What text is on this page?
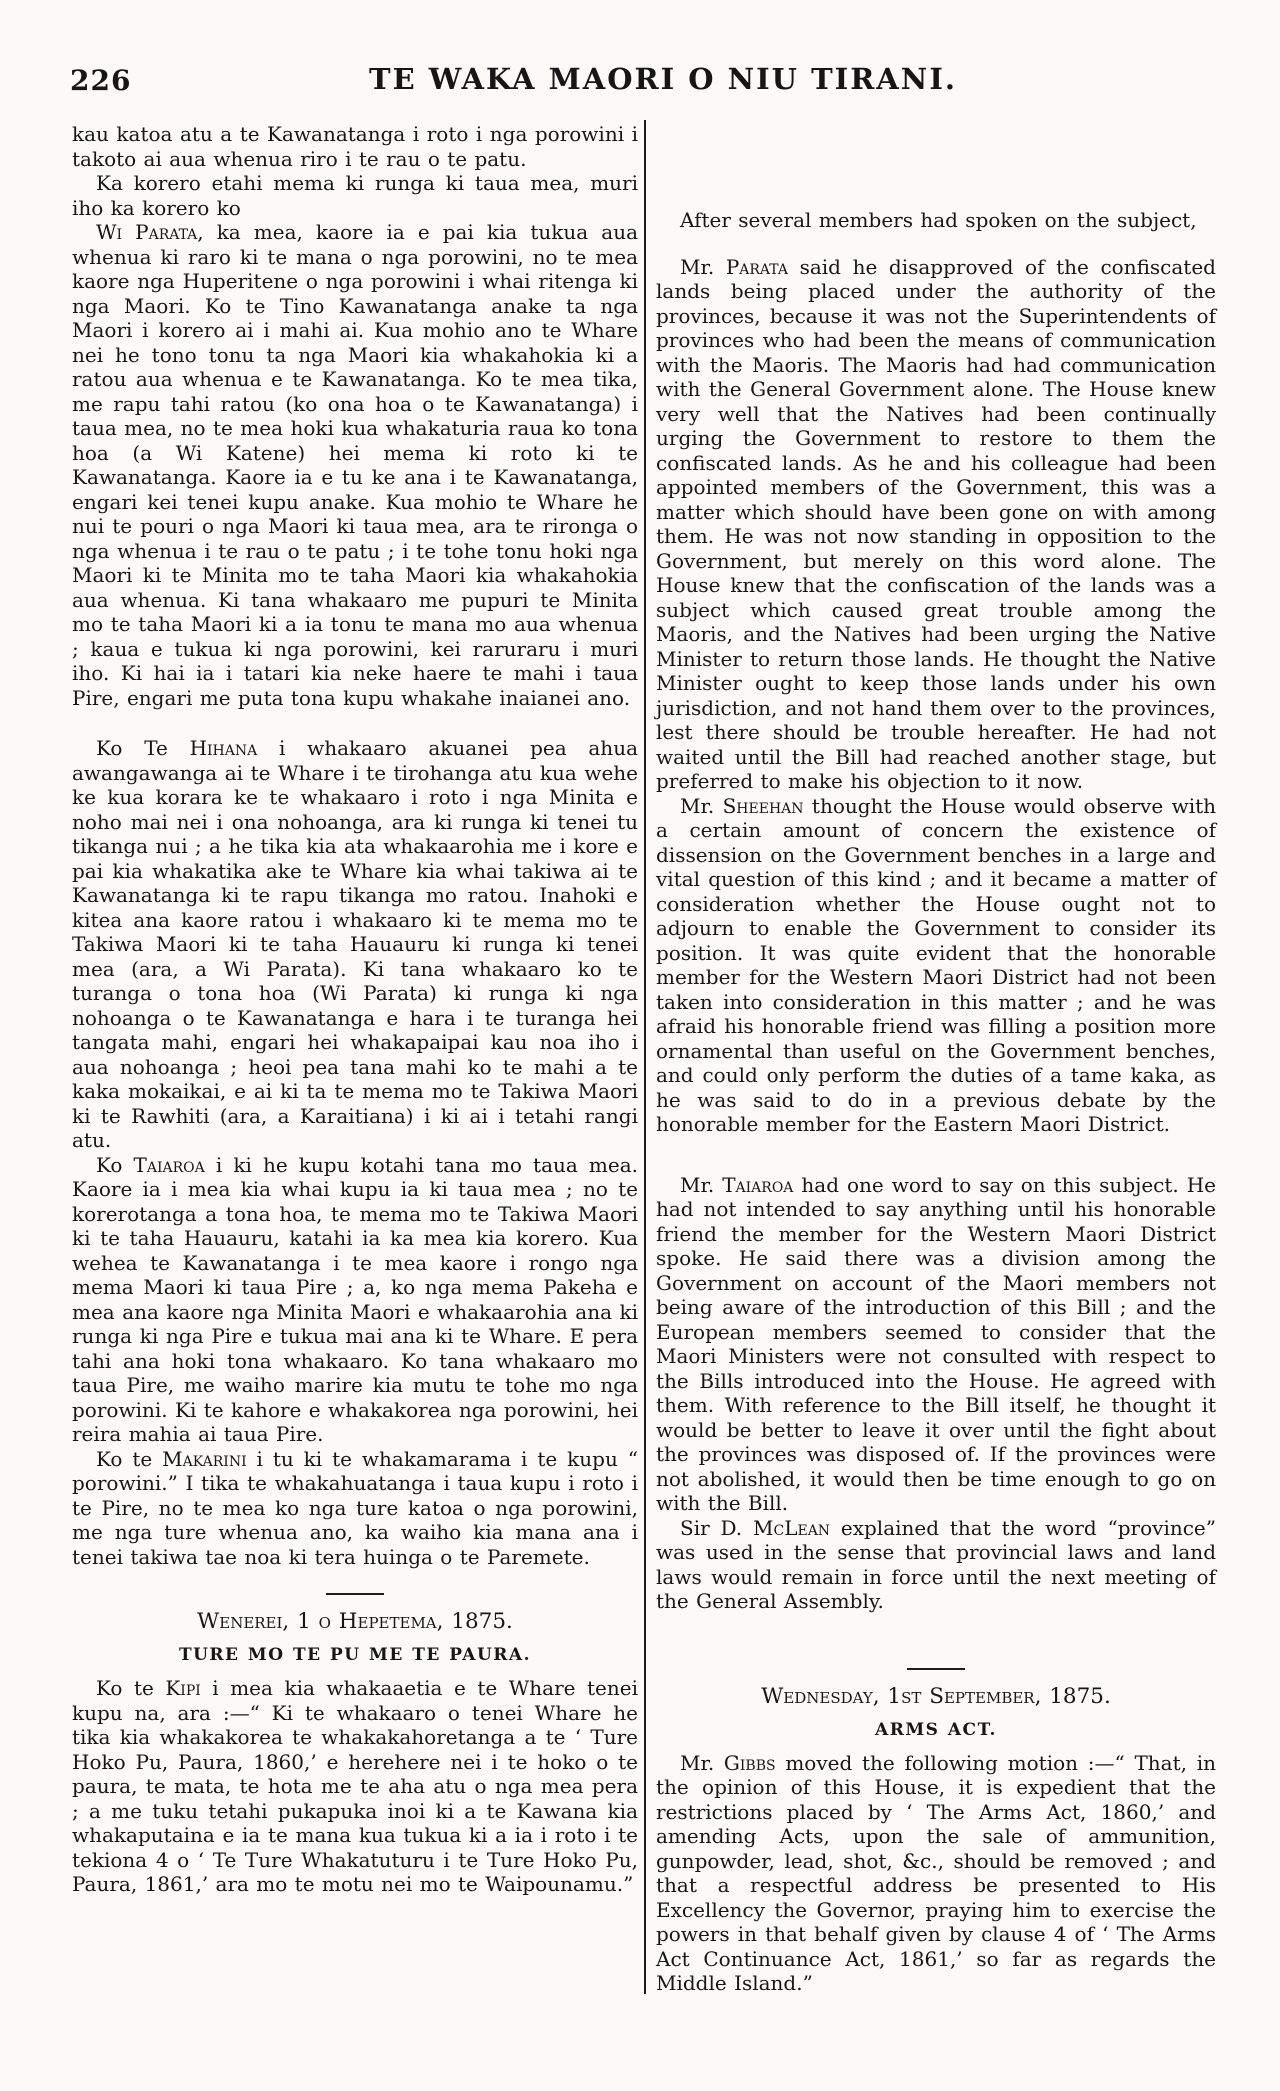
226	TE WAKA MAORI O NIU TIRANI.

kau katoa atu a te Kawanatanga i roto i nga porowini i takoto ai aua whenua riro i te rau o te patu.

Ka korero etahi mema ki runga ki taua mea, muri iho ka korero ko

Wi Parata, ka mea, kaore ia e pai kia tukua aua whenua ki raro ki te mana o nga porowini, no te mea kaore nga Huperitene o nga porowini i whai ritenga ki nga Maori. Ko te Tino Kawanatanga anake ta nga Maori i korero ai i mahi ai. Kua mohio ano te Whare nei he tono tonu ta nga Maori kia whakahokia ki a ratou aua whenua e te Kawanatanga. Ko te mea tika, me rapu tahi ratou (ko ona hoa o te Kawanatanga) i taua mea, no te mea hoki kua whakaturia raua ko tona hoa (a Wi Katene) hei mema ki roto ki te Kawanatanga. Kaore ia e tu ke ana i te Kawanatanga, engari kei tenei kupu anake. Kua mohio te Whare he nui te pouri o nga Maori ki taua mea, ara te rironga o nga whenua i te rau o te patu ; i te tohe tonu hoki nga Maori ki te Minita mo te taha Maori kia whakahokia aua whenua. Ki tana whakaaro me pupuri te Minita mo te taha Maori ki a ia tonu te mana mo aua whenua ; kaua e tukua ki nga porowini, kei raruraru i muri iho. Ki hai ia i tatari kia neke haere te mahi i taua Pire, engari me puta tona kupu whakahe inaianei ano.

Ko Te Hihana i whakaaro akuanei pea ahua awangawanga ai te Whare i te tirohanga atu kua wehe ke kua korara ke te whakaaro i roto i nga Minita e noho mai nei i ona nohoanga, ara ki runga ki tenei tu tikanga nui ; a he tika kia ata whakaarohia me i kore e pai kia whakatika ake te Whare kia whai takiwa ai te Kawanatanga ki te rapu tikanga mo ratou. Inahoki e kitea ana kaore ratou i whakaaro ki te mema mo te Takiwa Maori ki te taha Hauauru ki runga ki tenei mea (ara, a Wi Parata). Ki tana whakaaro ko te turanga o tona hoa (Wi Parata) ki runga ki nga nohoanga o te Kawanatanga e hara i te turanga hei tangata mahi, engari hei whakapaipai kau noa iho i aua nohoanga ; heoi pea tana mahi ko te mahi a te kaka mokaikai, e ai ki ta te mema mo te Takiwa Maori ki te Rawhiti (ara, a Karaitiana) i ki ai i tetahi rangi atu.

Ko Taiaroa i ki he kupu kotahi tana mo taua mea. Kaore ia i mea kia whai kupu ia ki taua mea ; no te korerotanga a tona hoa, te mema mo te Takiwa Maori ki te taha Hauauru, katahi ia ka mea kia korero. Kua wehea te Kawanatanga i te mea kaore i rongo nga mema Maori ki taua Pire ; a, ko nga mema Pakeha e mea ana kaore nga Minita Maori e whakaarohia ana ki runga ki nga Pire e tukua mai ana ki te Whare. E pera tahi ana hoki tona whakaaro. Ko tana whakaaro mo taua Pire, me waiho marire kia mutu te tohe mo nga porowini. Ki te kahore e whakakorea nga porowini, hei reira mahia ai taua Pire.

Ko te Makarini i tu ki te whakamarama i te kupu “ porowini.” I tika te whakahuatanga i taua kupu i roto i te Pire, no te mea ko nga ture katoa o nga porowini, me nga ture whenua ano, ka waiho kia mana ana i tenei takiwa tae noa ki tera huinga o te Paremete.

Wenerei, 1 o Hepetema, 1875.

TURE MO TE PU ME TE PAURA.

Ko te Kipi i mea kia whakaaetia e te Whare tenei kupu na, ara :—“ Ki te whakaaro o tenei Whare he tika kia whakakorea te whakakahoretanga a te ‘ Ture Hoko Pu, Paura, 1860,’ e herehere nei i te hoko o te paura, te mata, te hota me te aha atu o nga mea pera ; a me tuku tetahi pukapuka inoi ki a te Kawana kia whakaputaina e ia te mana kua tukua ki a ia i roto i te tekiona 4 o ‘ Te Ture Whakatuturu i te Ture Hoko Pu, Paura, 1861,’ ara mo te motu nei mo te Waipounamu.”

After several members had spoken on the subject,

Mr. Parata said he disapproved of the confiscated lands being placed under the authority of the provinces, because it was not the Superintendents of provinces who had been the means of communication with the Maoris. The Maoris had had communication with the General Government alone. The House knew very well that the Natives had been continually urging the Government to restore to them the confiscated lands. As he and his colleague had been appointed members of the Government, this was a matter which should have been gone on with among them. He was not now standing in opposition to the Government, but merely on this word alone. The House knew that the confiscation of the lands was a subject which caused great trouble among the Maoris, and the Natives had been urging the Native Minister to return those lands. He thought the Native Minister ought to keep those lands under his own jurisdiction, and not hand them over to the provinces, lest there should be trouble hereafter. He had not waited until the Bill had reached another stage, but preferred to make his objection to it now.

Mr. Sheehan thought the House would observe with a certain amount of concern the existence of dissension on the Government benches in a large and vital question of this kind ; and it became a matter of consideration whether the House ought not to adjourn to enable the Government to consider its position. It was quite evident that the honorable member for the Western Maori District had not been taken into consideration in this matter ; and he was afraid his honorable friend was filling a position more ornamental than useful on the Government benches, and could only perform the duties of a tame kaka, as he was said to do in a previous debate by the honorable member for the Eastern Maori District.

Mr. Taiaroa had one word to say on this subject. He had not intended to say anything until his honorable friend the member for the Western Maori District spoke. He said there was a division among the Government on account of the Maori members not being aware of the introduction of this Bill ; and the European members seemed to consider that the Maori Ministers were not consulted with respect to the Bills introduced into the House. He agreed with them. With reference to the Bill itself, he thought it would be better to leave it over until the fight about the provinces was disposed of. If the provinces were not abolished, it would then be time enough to go on with the Bill.

Sir D. McLean explained that the word “province” was used in the sense that provincial laws and land laws would remain in force until the next meeting of the General Assembly.

Wednesday, 1st September, 1875.

ARMS ACT.

Mr. Gibbs moved the following motion :—“ That, in the opinion of this House, it is expedient that the restrictions placed by ‘ The Arms Act, 1860,’ and amending Acts, upon the sale of ammunition, gunpowder, lead, shot, &c., should be removed ; and that a respectful address be presented to His Excellency the Governor, praying him to exercise the powers in that behalf given by clause 4 of ‘ The Arms Act Continuance Act, 1861,’ so far as regards the Middle Island.”
